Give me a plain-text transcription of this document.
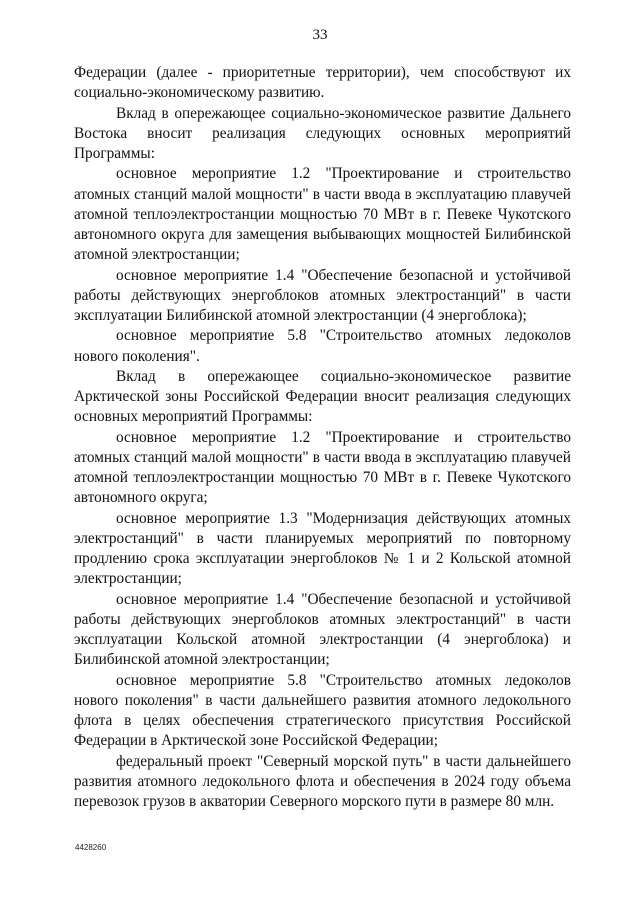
33

Федерации (далее - приоритетные территории), чем способствуют их социально-экономическому развитию.

Вклад в опережающее социально-экономическое развитие Дальнего Востока вносит реализация следующих основных мероприятий Программы:

основное мероприятие 1.2 "Проектирование и строительство атомных станций малой мощности" в части ввода в эксплуатацию плавучей атомной теплоэлектростанции мощностью 70 МВт в г. Певеке Чукотского автономного округа для замещения выбывающих мощностей Билибинской атомной электростанции;

основное мероприятие 1.4 "Обеспечение безопасной и устойчивой работы действующих энергоблоков атомных электростанций" в части эксплуатации Билибинской атомной электростанции (4 энергоблока);

основное мероприятие 5.8 "Строительство атомных ледоколов нового поколения".

Вклад в опережающее социально-экономическое развитие Арктической зоны Российской Федерации вносит реализация следующих основных мероприятий Программы:

основное мероприятие 1.2 "Проектирование и строительство атомных станций малой мощности" в части ввода в эксплуатацию плавучей атомной теплоэлектростанции мощностью 70 МВт в г. Певеке Чукотского автономного округа;

основное мероприятие 1.3 "Модернизация действующих атомных электростанций" в части планируемых мероприятий по повторному продлению срока эксплуатации энергоблоков № 1 и 2 Кольской атомной электростанции;

основное мероприятие 1.4 "Обеспечение безопасной и устойчивой работы действующих энергоблоков атомных электростанций" в части эксплуатации Кольской атомной электростанции (4 энергоблока) и Билибинской атомной электростанции;

основное мероприятие 5.8 "Строительство атомных ледоколов нового поколения" в части дальнейшего развития атомного ледокольного флота в целях обеспечения стратегического присутствия Российской Федерации в Арктической зоне Российской Федерации;

федеральный проект "Северный морской путь" в части дальнейшего развития атомного ледокольного флота и обеспечения в 2024 году объема перевозок грузов в акватории Северного морского пути в размере 80 млн.

4428260
